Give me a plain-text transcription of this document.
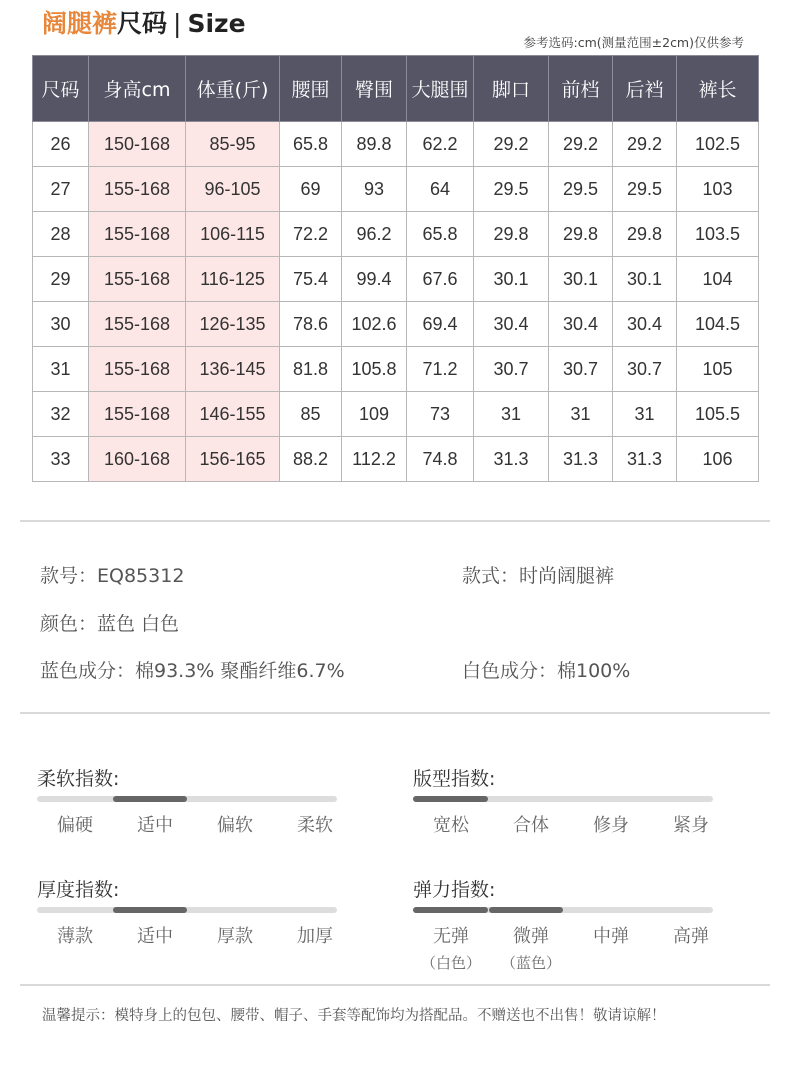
阔腿裤尺码 | Size
参考选码:cm(测量范围±2cm)仅供参考
尺码	身高cm	体重(斤)	腰围	臀围	大腿围	脚口	前档	后裆	裤长
26	150-168	85-95	65.8	89.8	62.2	29.2	29.2	29.2	102.5
27	155-168	96-105	69	93	64	29.5	29.5	29.5	103
28	155-168	106-115	72.2	96.2	65.8	29.8	29.8	29.8	103.5
29	155-168	116-125	75.4	99.4	67.6	30.1	30.1	30.1	104
30	155-168	126-135	78.6	102.6	69.4	30.4	30.4	30.4	104.5
31	155-168	136-145	81.8	105.8	71.2	30.7	30.7	30.7	105
32	155-168	146-155	85	109	73	31	31	31	105.5
33	160-168	156-165	88.2	112.2	74.8	31.3	31.3	31.3	106
款号：EQ85312	款式：时尚阔腿裤
颜色：蓝色 白色
蓝色成分：棉93.3% 聚酯纤维6.7%	白色成分：棉100%
柔软指数:
偏硬	适中	偏软	柔软
版型指数:
宽松	合体	修身	紧身
厚度指数:
薄款	适中	厚款	加厚
弹力指数:
无弹	微弹	中弹	高弹
（白色）	（蓝色）
温馨提示：模特身上的包包、腰带、帽子、手套等配饰均为搭配品。不赠送也不出售！敬请谅解！
